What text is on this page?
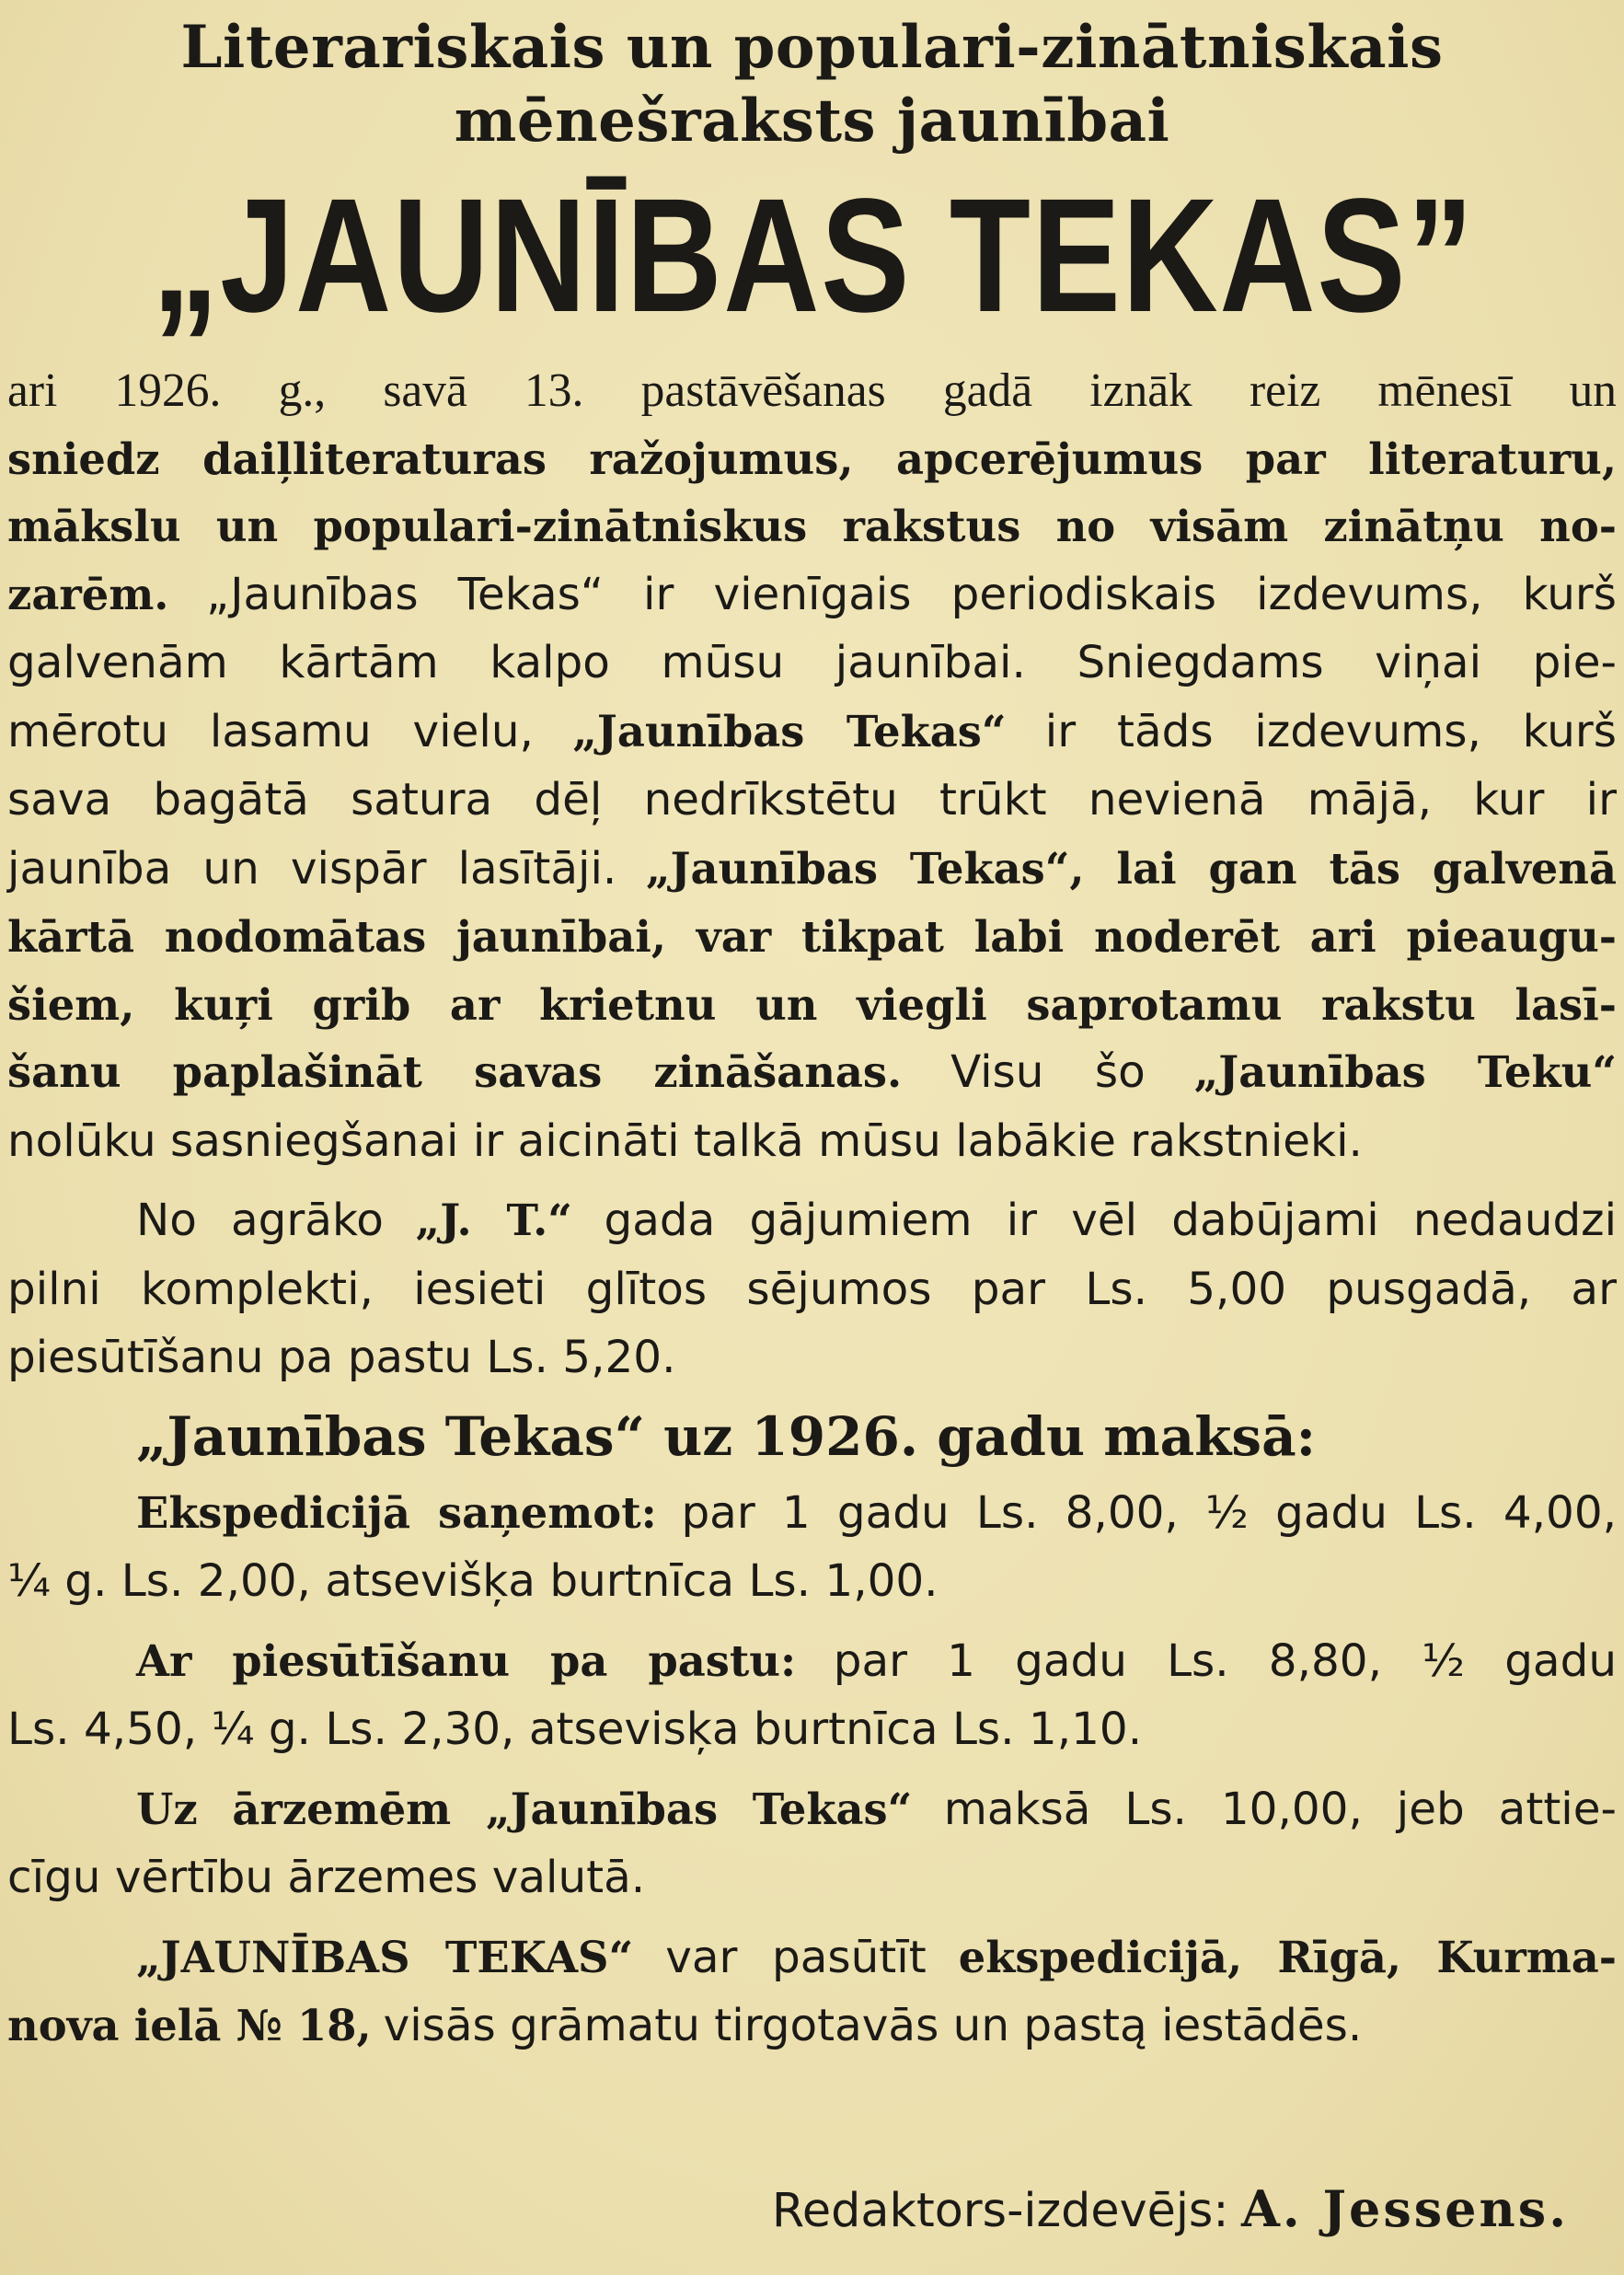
Literariskais un populari-zinātniskais
mēnešraksts jaunībai
„JAUNĪBAS TEKAS”
ari 1926. g., savā 13. pastāvēšanas gadā iznāk reiz mēnesī un
sniedz daiļliteraturas ražojumus, apcerējumus par literaturu,
mākslu un populari-zinātniskus rakstus no visām zinātņu no-
zarēm. „Jaunības Tekas“ ir vienīgais periodiskais izdevums, kurš
galvenām kārtām kalpo mūsu jaunībai. Sniegdams viņai pie-
mērotu lasamu vielu, „Jaunības Tekas“ ir tāds izdevums, kurš
sava bagātā satura dēļ nedrīkstētu trūkt nevienā mājā, kur ir
jaunība un vispār lasītāji. „Jaunības Tekas“, lai gan tās galvenā
kārtā nodomātas jaunībai, var tikpat labi noderēt ari pieaugu-
šiem, kuŗi grib ar krietnu un viegli saprotamu rakstu lasī-
šanu paplašināt savas zināšanas. Visu šo „Jaunības Teku“
nolūku sasniegšanai ir aicināti talkā mūsu labākie rakstnieki.
No agrāko „J. T.“ gada gājumiem ir vēl dabūjami nedaudzi
pilni komplekti, iesieti glītos sējumos par Ls. 5,00 pusgadā, ar
piesūtīšanu pa pastu Ls. 5,20.
„Jaunības Tekas“ uz 1926. gadu maksā:
Ekspedicijā saņemot: par 1 gadu Ls. 8,00, ½ gadu Ls. 4,00,
¼ g. Ls. 2,00, atsevišķa burtnīca Ls. 1,00.
Ar piesūtīšanu pa pastu: par 1 gadu Ls. 8,80, ½ gadu
Ls. 4,50, ¼ g. Ls. 2,30, atsevisķa burtnīca Ls. 1,10.
Uz ārzemēm „Jaunības Tekas“ maksā Ls. 10,00, jeb attie-
cīgu vērtību ārzemes valutā.
„JAUNĪBAS TEKAS“ var pasūtīt ekspedicijā, Rīgā, Kurma-
nova ielā № 18, visās grāmatu tirgotavās un pastą iestādēs.
Redaktors-izdevējs: A. Jessens.
